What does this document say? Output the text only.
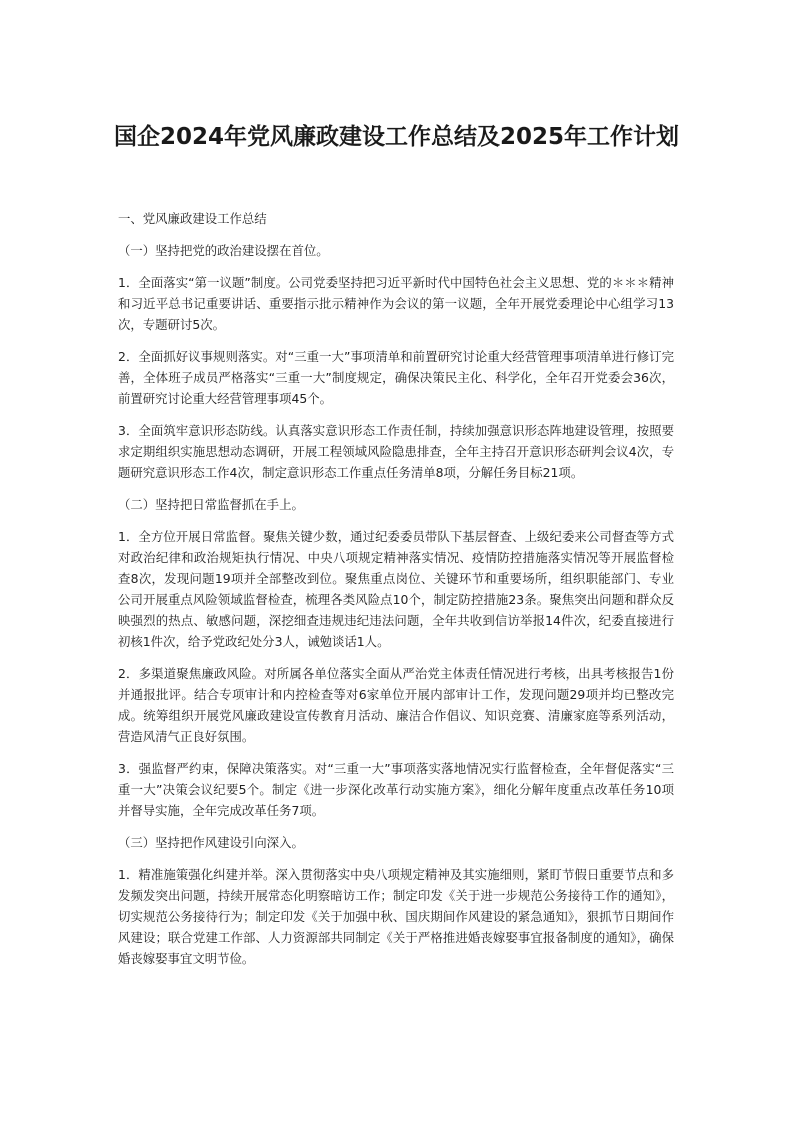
国企2024年党风廉政建设工作总结及2025年工作计划

一、党风廉政建设工作总结

（一）坚持把党的政治建设摆在首位。

1．全面落实“第一议题”制度。公司党委坚持把习近平新时代中国特色社会主义思想、党的＊＊＊精神和习近平总书记重要讲话、重要指示批示精神作为会议的第一议题，全年开展党委理论中心组学习13次，专题研讨5次。

2．全面抓好议事规则落实。对“三重一大”事项清单和前置研究讨论重大经营管理事项清单进行修订完善，全体班子成员严格落实“三重一大”制度规定，确保决策民主化、科学化，全年召开党委会36次，前置研究讨论重大经营管理事项45个。

3．全面筑牢意识形态防线。认真落实意识形态工作责任制，持续加强意识形态阵地建设管理，按照要求定期组织实施思想动态调研，开展工程领域风险隐患排查，全年主持召开意识形态研判会议4次，专题研究意识形态工作4次，制定意识形态工作重点任务清单8项，分解任务目标21项。

（二）坚持把日常监督抓在手上。

1．全方位开展日常监督。聚焦关键少数，通过纪委委员带队下基层督查、上级纪委来公司督查等方式对政治纪律和政治规矩执行情况、中央八项规定精神落实情况、疫情防控措施落实情况等开展监督检查8次，发现问题19项并全部整改到位。聚焦重点岗位、关键环节和重要场所，组织职能部门、专业公司开展重点风险领域监督检查，梳理各类风险点10个，制定防控措施23条。聚焦突出问题和群众反映强烈的热点、敏感问题，深挖细查违规违纪违法问题，全年共收到信访举报14件次，纪委直接进行初核1件次，给予党政纪处分3人，诫勉谈话1人。

2．多渠道聚焦廉政风险。对所属各单位落实全面从严治党主体责任情况进行考核，出具考核报告1份并通报批评。结合专项审计和内控检查等对6家单位开展内部审计工作，发现问题29项并均已整改完成。统筹组织开展党风廉政建设宣传教育月活动、廉洁合作倡议、知识竞赛、清廉家庭等系列活动，营造风清气正良好氛围。

3．强监督严约束，保障决策落实。对“三重一大”事项落实落地情况实行监督检查，全年督促落实“三重一大”决策会议纪要5个。制定《进一步深化改革行动实施方案》，细化分解年度重点改革任务10项并督导实施，全年完成改革任务7项。

（三）坚持把作风建设引向深入。

1．精准施策强化纠建并举。深入贯彻落实中央八项规定精神及其实施细则，紧盯节假日重要节点和多发频发突出问题，持续开展常态化明察暗访工作；制定印发《关于进一步规范公务接待工作的通知》，切实规范公务接待行为；制定印发《关于加强中秋、国庆期间作风建设的紧急通知》，狠抓节日期间作风建设；联合党建工作部、人力资源部共同制定《关于严格推进婚丧嫁娶事宜报备制度的通知》，确保婚丧嫁娶事宜文明节俭。
